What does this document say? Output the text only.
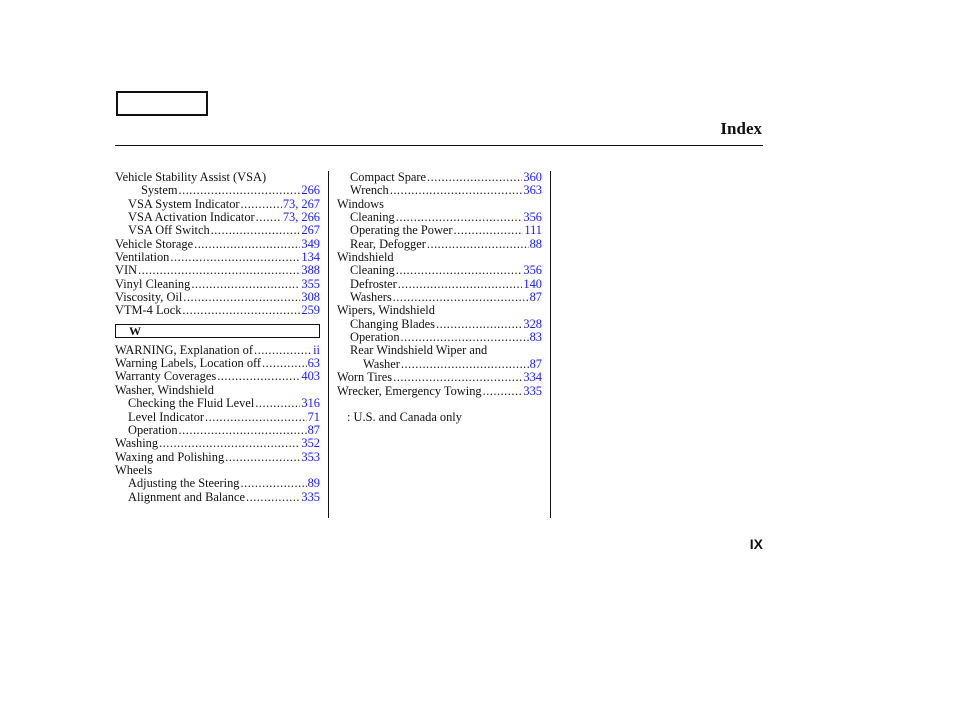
Index
Vehicle Stability Assist (VSA)
System .....	266
VSA System Indicator .....	73, 267
VSA Activation Indicator ..... 73, 266
VSA Off Switch .....	267
Vehicle Storage .....	349
Ventilation .....	134
VIN .....	388
Vinyl Cleaning .....	355
Viscosity, Oil .....	308
VTM-4 Lock .....	259
W
WARNING, Explanation of .....	ii
Warning Labels, Location off .....	63
Warranty Coverages .....	403
Washer, Windshield
Checking the Fluid Level .....	316
Level Indicator .....	71
Operation .....	87
Washing .....	352
Waxing and Polishing .....	353
Wheels
Adjusting the Steering .....	89
Alignment and Balance .....	335
Compact Spare .....	360
Wrench .....	363
Windows
Cleaning .....	356
Operating the Power .....	111
Rear, Defogger .....	88
Windshield
Cleaning .....	356
Defroster .....	140
Washers .....	87
Wipers, Windshield
Changing Blades .....	328
Operation .....	83
Rear Windshield Wiper and
Washer .....	87
Worn Tires .....	334
Wrecker, Emergency Towing .....	335
: U.S. and Canada only
IX
